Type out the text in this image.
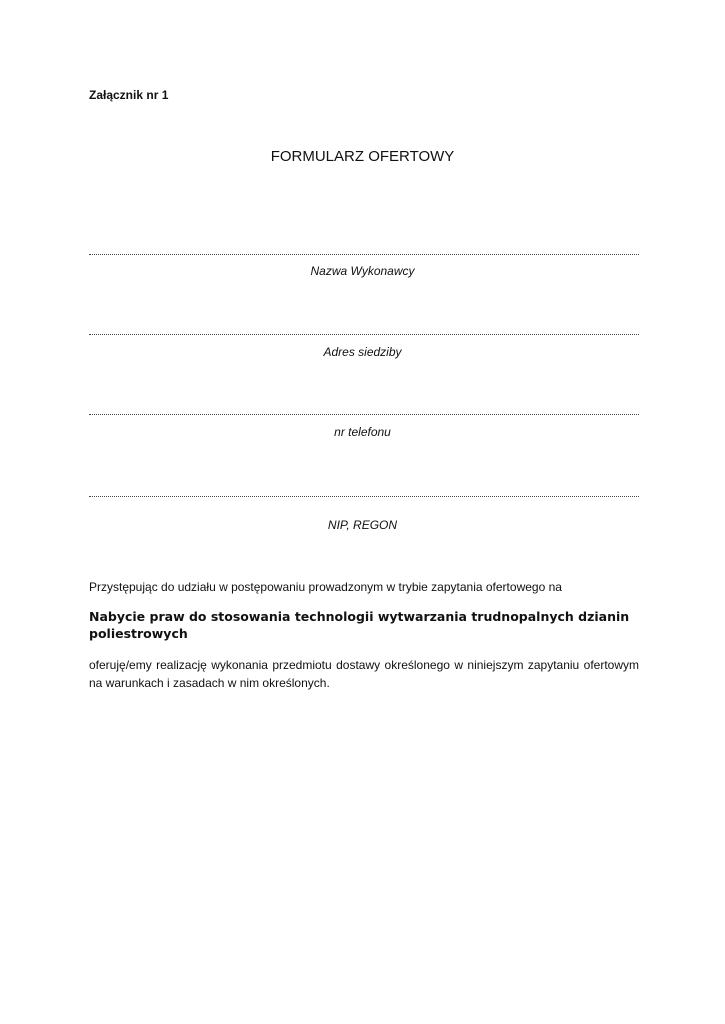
Załącznik nr 1
FORMULARZ OFERTOWY
Nazwa Wykonawcy
Adres siedziby
nr telefonu
NIP, REGON
Przystępując do udziału w postępowaniu prowadzonym w trybie zapytania ofertowego na
Nabycie praw do stosowania technologii wytwarzania trudnopalnych dzianin poliestrowych
oferuję/emy realizację wykonania przedmiotu dostawy określonego w niniejszym zapytaniu ofertowym na warunkach i zasadach w nim określonych.
